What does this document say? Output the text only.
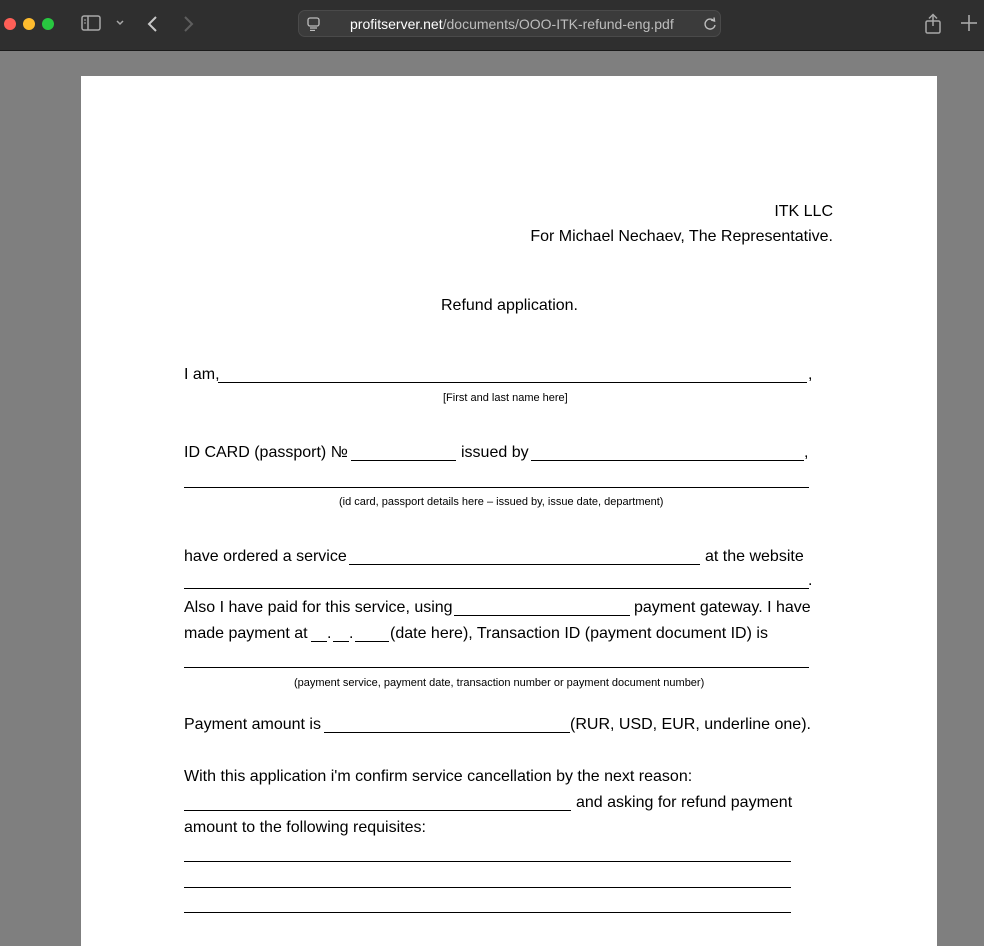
profitserver.net/documents/OOO-ITK-refund-eng.pdf
ITK LLC
For Michael Nechaev, The Representative.
Refund application.
I am,	,
[First and last name here]
ID CARD (passport) №	issued by	,
(id card, passport details here – issued by, issue date, department)
have ordered a service	at the website
.
Also I have paid for this service, using	payment gateway. I have
made payment at . . (date here), Transaction ID (payment document ID) is
(payment service, payment date, transaction number or payment document number)
Payment amount is	(RUR, USD, EUR, underline one).
With this application i'm confirm service cancellation by the next reason:
and asking for refund payment
amount to the following requisites:
